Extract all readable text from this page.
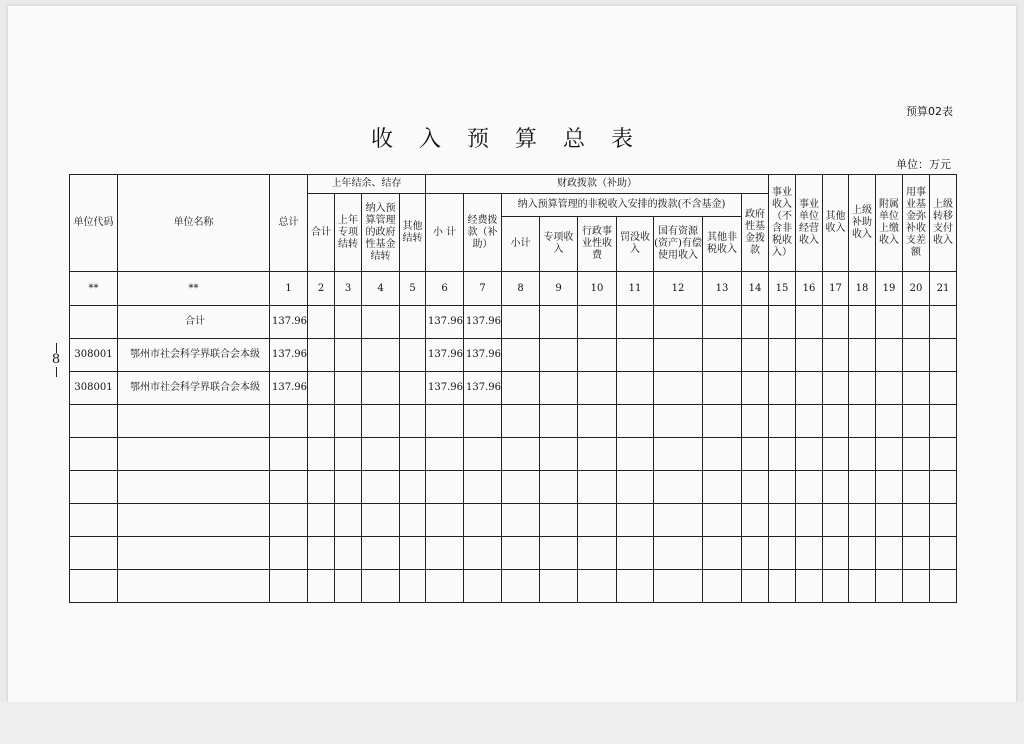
预算02表
收入预算总表
单位：万元
8
单位代码	单位名称	总计	上年结余、结存				财政拨款（补助）									事业收入（不含非税收入）	事业单位经营收入	其他收入	上级补助收入	附属单位上缴收入	用事业基金弥补收支差额	上级转移支付收入
			合计	上年专项结转	纳入预算管理的政府性基金结转	其他结转	小 计	经费拨款（补助）	纳入预算管理的非税收入安排的拨款(不含基金)						政府性基金拨款							
									小计	专项收入	行政事业性收费	罚没收入	国有资源(资产)有偿使用收入	其他非税收入								
**	**	1	2	3	4	5	6	7	8	9	10	11	12	13	14	15	16	17	18	19	20	21
	合计	137.96					137.96	137.96														
308001	鄂州市社会科学界联合会本级	137.96					137.96	137.96														
308001	鄂州市社会科学界联合会本级	137.96					137.96	137.96														
